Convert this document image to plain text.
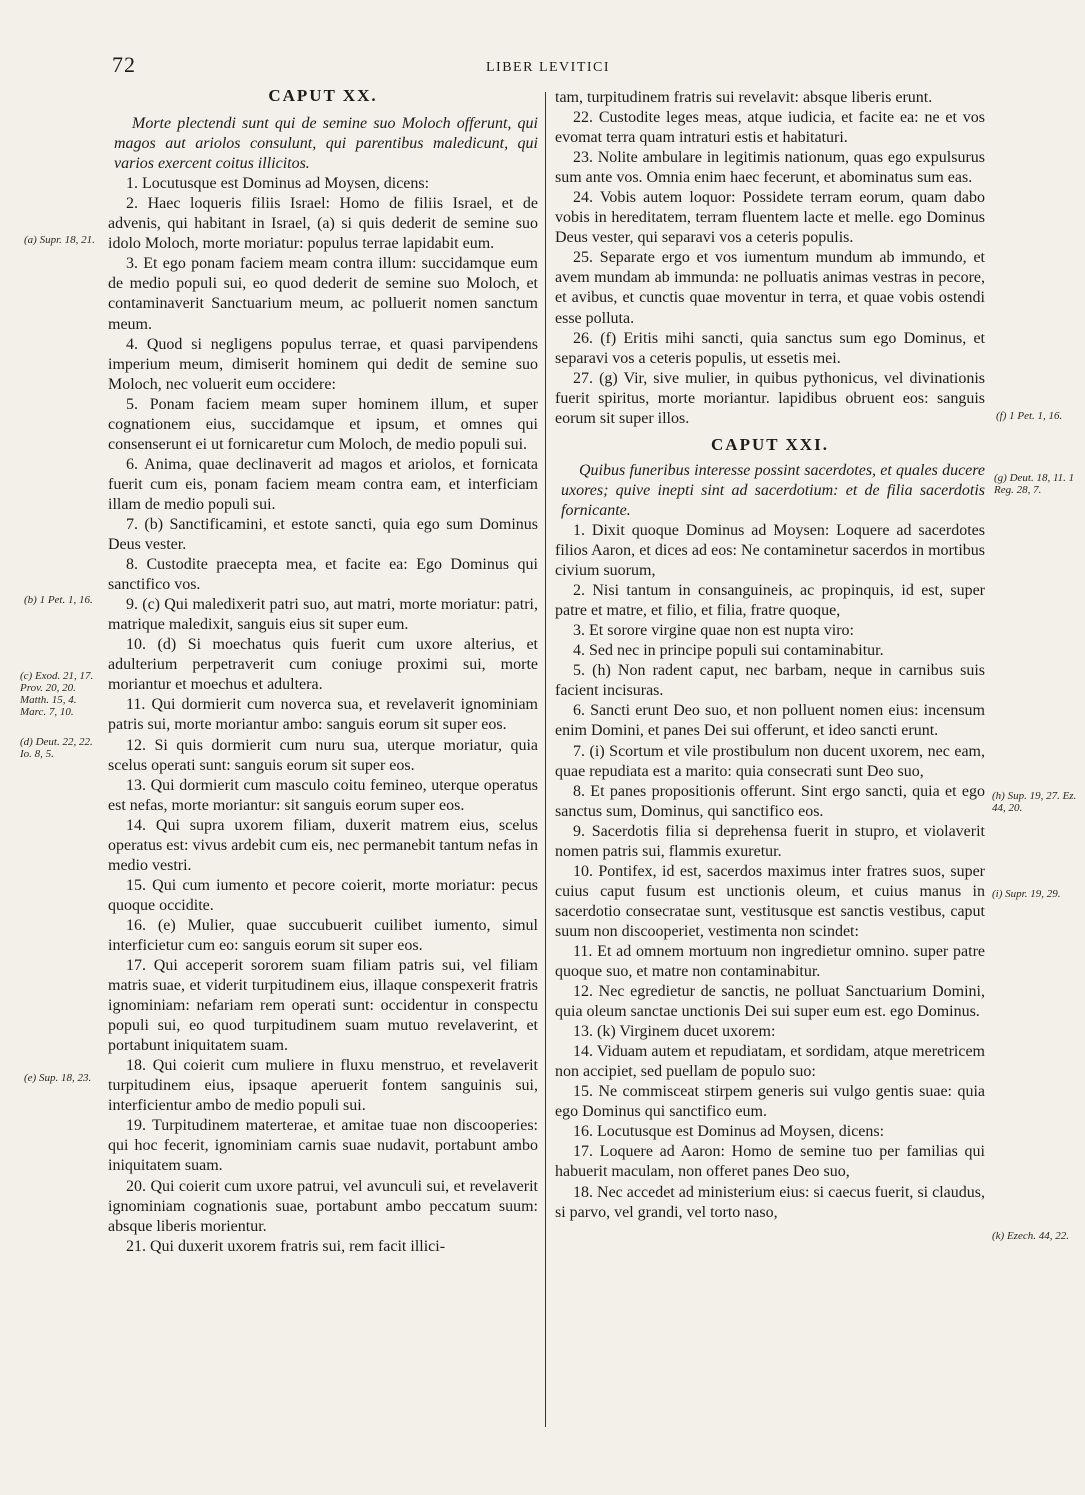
72	LIBER LEVITICI
CAPUT XX.

Morte plectendi sunt qui de semine suo Moloch offerunt, qui magos aut ariolos consulunt, qui parentibus maledicunt, qui varios exercent coitus illicitos.

1. Locutusque est Dominus ad Moysen, dicens:

2. Haec loqueris filiis Israel: Homo de filiis Israel, et de advenis, qui habitant in Israel, (a) si quis dederit de semine suo idolo Moloch, morte moriatur: populus terrae lapidabit eum.

3. Et ego ponam faciem meam contra illum: succidamque eum de medio populi sui, eo quod dederit de semine suo Moloch, et contaminaverit Sanctuarium meum, ac polluerit nomen sanctum meum.

4. Quod si negligens populus terrae, et quasi parvipendens imperium meum, dimiserit hominem qui dedit de semine suo Moloch, nec voluerit eum occidere:

5. Ponam faciem meam super hominem illum, et super cognationem eius, succidamque et ipsum, et omnes qui consenserunt ei ut fornicaretur cum Moloch, de medio populi sui.

6. Anima, quae declinaverit ad magos et ariolos, et fornicata fuerit cum eis, ponam faciem meam contra eam, et interficiam illam de medio populi sui.

7. (b) Sanctificamini, et estote sancti, quia ego sum Dominus Deus vester.

8. Custodite praecepta mea, et facite ea: Ego Dominus qui sanctifico vos.

9. (c) Qui maledixerit patri suo, aut matri, morte moriatur: patri, matrique maledixit, sanguis eius sit super eum.

10. (d) Si moechatus quis fuerit cum uxore alterius, et adulterium perpetraverit cum coniuge proximi sui, morte moriantur et moechus et adultera.

11. Qui dormierit cum noverca sua, et revelaverit ignominiam patris sui, morte moriantur ambo: sanguis eorum sit super eos.

12. Si quis dormierit cum nuru sua, uterque moriatur, quia scelus operati sunt: sanguis eorum sit super eos.

13. Qui dormierit cum masculo coitu femineo, uterque operatus est nefas, morte moriantur: sit sanguis eorum super eos.

14. Qui supra uxorem filiam, duxerit matrem eius, scelus operatus est: vivus ardebit cum eis, nec permanebit tantum nefas in medio vestri.

15. Qui cum iumento et pecore coierit, morte moriatur: pecus quoque occidite.

16. (e) Mulier, quae succubuerit cuilibet iumento, simul interficietur cum eo: sanguis eorum sit super eos.

17. Qui acceperit sororem suam filiam patris sui, vel filiam matris suae, et viderit turpitudinem eius, illaque conspexerit fratris ignominiam: nefariam rem operati sunt: occidentur in conspectu populi sui, eo quod turpitudinem suam mutuo revelaverint, et portabunt iniquitatem suam.

18. Qui coierit cum muliere in fluxu menstruo, et revelaverit turpitudinem eius, ipsaque aperuerit fontem sanguinis sui, interficientur ambo de medio populi sui.

19. Turpitudinem materterae, et amitae tuae non discooperies: qui hoc fecerit, ignominiam carnis suae nudavit, portabunt ambo iniquitatem suam.

20. Qui coierit cum uxore patrui, vel avunculi sui, et revelaverit ignominiam cognationis suae, portabunt ambo peccatum suum: absque liberis morientur.

21. Qui duxerit uxorem fratris sui, rem facit illici-

tam, turpitudinem fratris sui revelavit: absque liberis erunt.

22. Custodite leges meas, atque iudicia, et facite ea: ne et vos evomat terra quam intraturi estis et habitaturi.

23. Nolite ambulare in legitimis nationum, quas ego expulsurus sum ante vos. Omnia enim haec fecerunt, et abominatus sum eas.

24. Vobis autem loquor: Possidete terram eorum, quam dabo vobis in hereditatem, terram fluentem lacte et melle. ego Dominus Deus vester, qui separavi vos a ceteris populis.

25. Separate ergo et vos iumentum mundum ab immundo, et avem mundam ab immunda: ne polluatis animas vestras in pecore, et avibus, et cunctis quae moventur in terra, et quae vobis ostendi esse polluta.

26. (f) Eritis mihi sancti, quia sanctus sum ego Dominus, et separavi vos a ceteris populis, ut essetis mei.

27. (g) Vir, sive mulier, in quibus pythonicus, vel divinationis fuerit spiritus, morte moriantur. lapidibus obruent eos: sanguis eorum sit super illos.

CAPUT XXI.

Quibus funeribus interesse possint sacerdotes, et quales ducere uxores; quive inepti sint ad sacerdotium: et de filia sacerdotis fornicante.

1. Dixit quoque Dominus ad Moysen: Loquere ad sacerdotes filios Aaron, et dices ad eos: Ne contaminetur sacerdos in mortibus civium suorum,

2. Nisi tantum in consanguineis, ac propinquis, id est, super patre et matre, et filio, et filia, fratre quoque,

3. Et sorore virgine quae non est nupta viro:

4. Sed nec in principe populi sui contaminabitur.

5. (h) Non radent caput, nec barbam, neque in carnibus suis facient incisuras.

6. Sancti erunt Deo suo, et non polluent nomen eius: incensum enim Domini, et panes Dei sui offerunt, et ideo sancti erunt.

7. (i) Scortum et vile prostibulum non ducent uxorem, nec eam, quae repudiata est a marito: quia consecrati sunt Deo suo,

8. Et panes propositionis offerunt. Sint ergo sancti, quia et ego sanctus sum, Dominus, qui sanctifico eos.

9. Sacerdotis filia si deprehensa fuerit in stupro, et violaverit nomen patris sui, flammis exuretur.

10. Pontifex, id est, sacerdos maximus inter fratres suos, super cuius caput fusum est unctionis oleum, et cuius manus in sacerdotio consecratae sunt, vestitusque est sanctis vestibus, caput suum non discooperiet, vestimenta non scindet:

11. Et ad omnem mortuum non ingredietur omnino. super patre quoque suo, et matre non contaminabitur.

12. Nec egredietur de sanctis, ne polluat Sanctuarium Domini, quia oleum sanctae unctionis Dei sui super eum est. ego Dominus.

13. (k) Virginem ducet uxorem:

14. Viduam autem et repudiatam, et sordidam, atque meretricem non accipiet, sed puellam de populo suo:

15. Ne commisceat stirpem generis sui vulgo gentis suae: quia ego Dominus qui sanctifico eum.

16. Locutusque est Dominus ad Moysen, dicens:

17. Loquere ad Aaron: Homo de semine tuo per familias qui habuerit maculam, non offeret panes Deo suo,

18. Nec accedet ad ministerium eius: si caecus fuerit, si claudus, si parvo, vel grandi, vel torto naso,

(a) Supr. 18, 21.
(b) 1 Pet. 1, 16.
(c) Exod. 21, 17. Prov. 20, 20. Matth. 15, 4. Marc. 7, 10.
(d) Deut. 22, 22. Io. 8, 5.
(e) Sup. 18, 23.
(f) 1 Pet. 1, 16.
(g) Deut. 18, 11. 1 Reg. 28, 7.
(h) Sup. 19, 27. Ez. 44, 20.
(i) Supr. 19, 29.
(k) Ezech. 44, 22.
